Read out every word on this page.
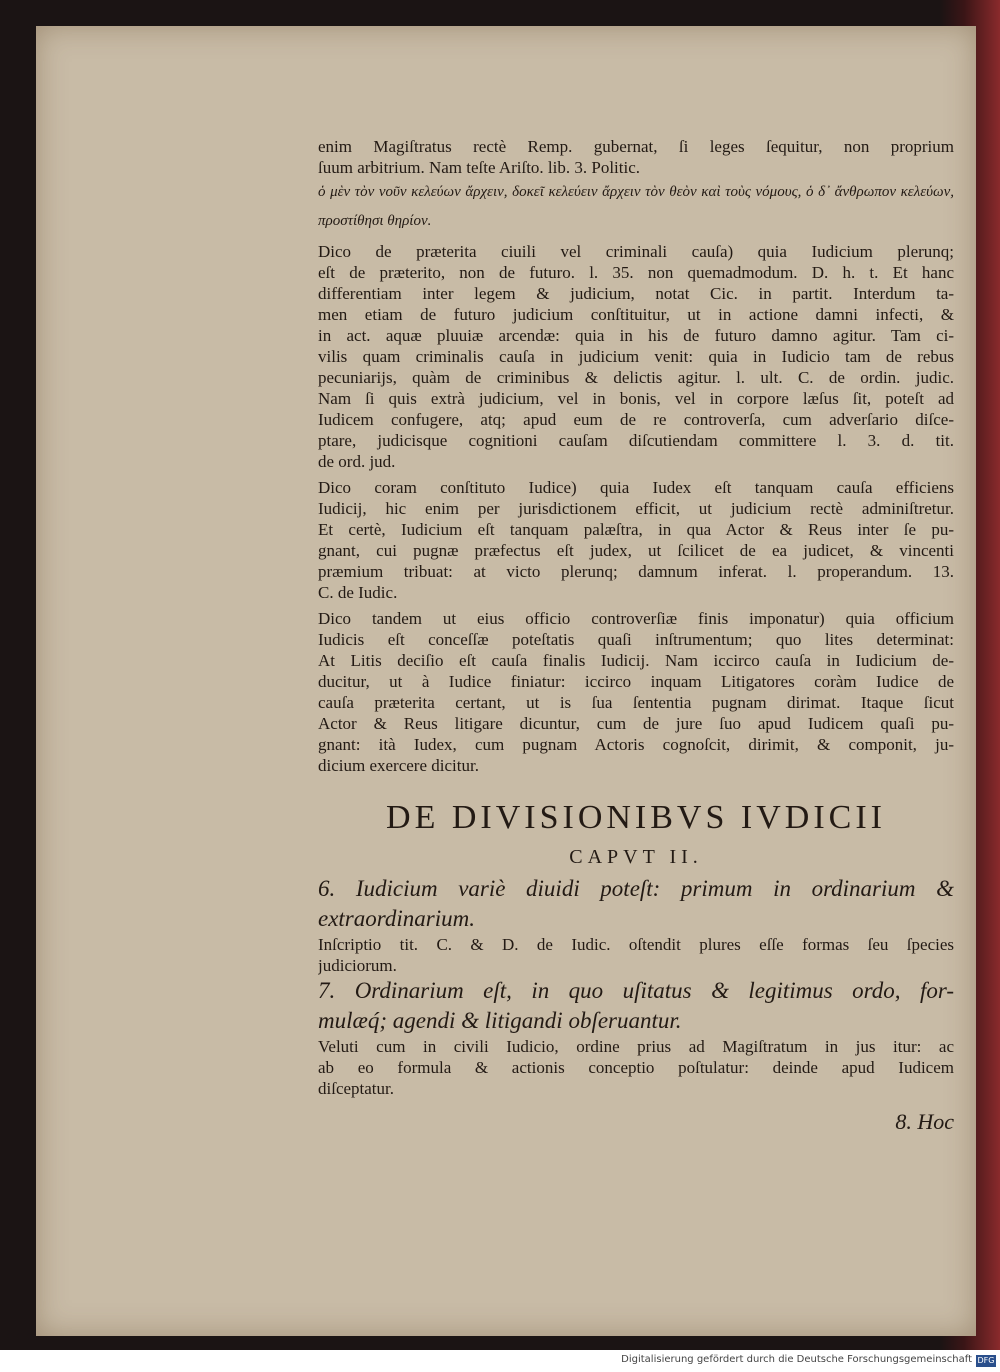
enim Magiſtratus rectè Remp. gubernat, ſi leges ſequitur, non proprium
ſuum arbitrium. Nam teſte Ariſto. lib. 3. Politic.
ὁ μὲν τὸν νοῦν κελεύων ἄρχειν, δοκεῖ κελεύειν ἄρχειν τὸν θεὸν καὶ τοὺς νόμους, ὁ δ᾽ ἄνθρωπον κελεύων,
προστίθησι θηρίον.
Dico de præterita ciuili vel criminali cauſa) quia Iudicium plerunq;
eſt de præterito, non de futuro. l. 35. non quemadmodum. D. h. t. Et hanc
differentiam inter legem & judicium, notat Cic. in partit. Interdum ta-
men etiam de futuro judicium conſtituitur, ut in actione damni infecti, &
in act. aquæ pluuiæ arcendæ: quia in his de futuro damno agitur. Tam ci-
vilis quam criminalis cauſa in judicium venit: quia in Iudicio tam de rebus
pecuniarijs, quàm de criminibus & delictis agitur. l. ult. C. de ordin. judic.
Nam ſi quis extrà judicium, vel in bonis, vel in corpore læſus ſit, poteſt ad
Iudicem confugere, atq; apud eum de re controverſa, cum adverſario diſce-
ptare, judicisque cognitioni cauſam diſcutiendam committere l. 3. d. tit.
de ord. jud.
Dico coram conſtituto Iudice) quia Iudex eſt tanquam cauſa efficiens
Iudicij, hic enim per jurisdictionem efficit, ut judicium rectè adminiſtretur.
Et certè, Iudicium eſt tanquam palæſtra, in qua Actor & Reus inter ſe pu-
gnant, cui pugnæ præfectus eſt judex, ut ſcilicet de ea judicet, & vincenti
præmium tribuat: at victo plerunq; damnum inferat. l. properandum. 13.
C. de Iudic.
Dico tandem ut eius officio controverſiæ finis imponatur) quia officium
Iudicis eſt conceſſæ poteſtatis quaſi inſtrumentum; quo lites determinat:
At Litis deciſio eſt cauſa finalis Iudicij. Nam iccirco cauſa in Iudicium de-
ducitur, ut à Iudice finiatur: iccirco inquam Litigatores coràm Iudice de
cauſa præterita certant, ut is ſua ſententia pugnam dirimat. Itaque ſicut
Actor & Reus litigare dicuntur, cum de jure ſuo apud Iudicem quaſi pu-
gnant: ità Iudex, cum pugnam Actoris cognoſcit, dirimit, & componit, ju-
dicium exercere dicitur.
DE DIVISIONIBVS IVDICII
CAPVT II.
6. Iudicium variè diuidi poteſt: primum in ordinarium &
extraordinarium.
Inſcriptio tit. C. & D. de Iudic. oſtendit plures eſſe formas ſeu ſpecies
judiciorum.
7. Ordinarium eſt, in quo uſitatus & legitimus ordo, for-
mulæq́; agendi & litigandi obſeruantur.
Veluti cum in civili Iudicio, ordine prius ad Magiſtratum in jus itur: ac
ab eo formula & actionis conceptio poſtulatur: deinde apud Iudicem
diſceptatur.
8. Hoc
Digitalisierung gefördert durch die Deutsche Forschungsgemeinschaft DFG
